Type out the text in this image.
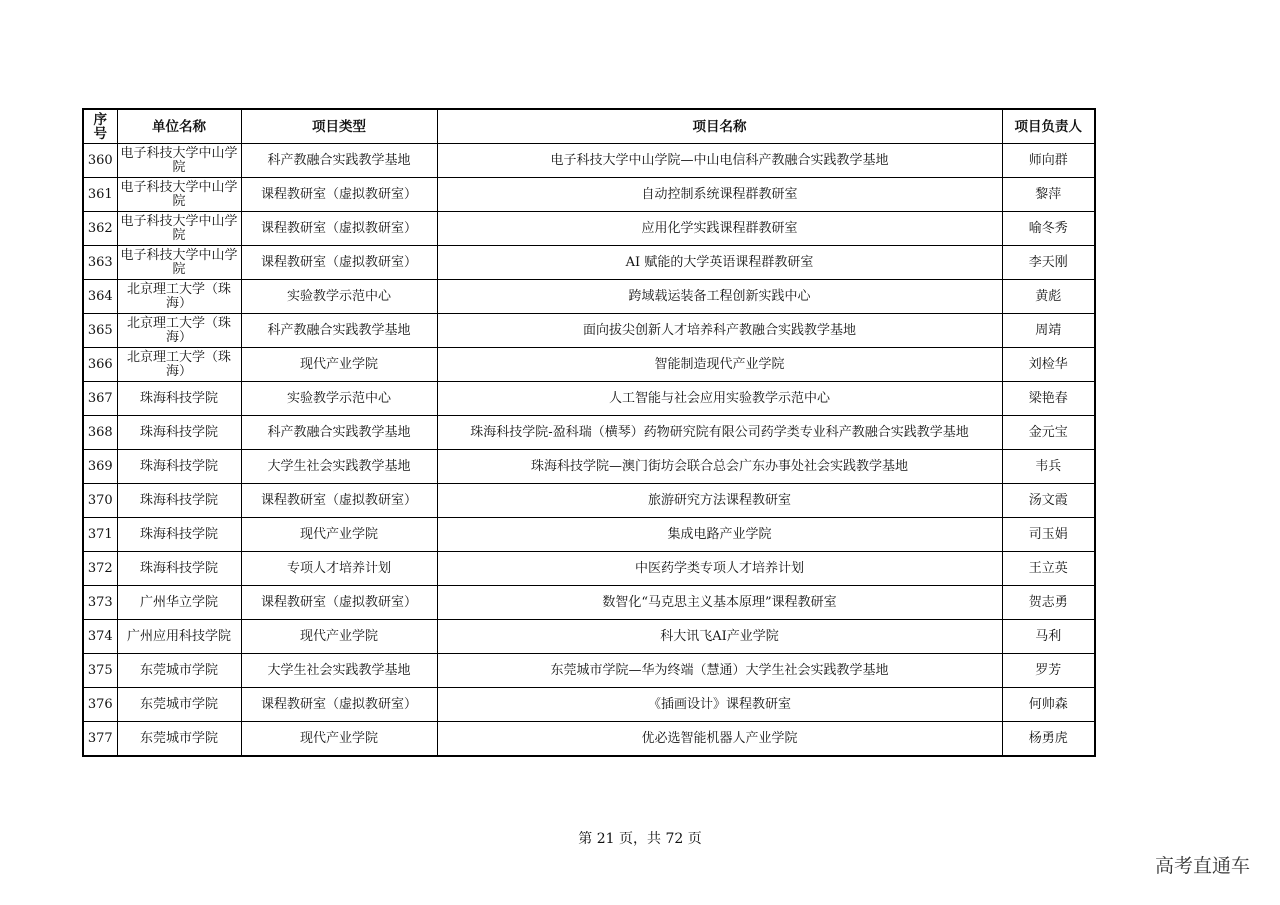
序号	单位名称	项目类型	项目名称	项目负责人
360	电子科技大学中山学院	科产教融合实践教学基地	电子科技大学中山学院—中山电信科产教融合实践教学基地	师向群
361	电子科技大学中山学院	课程教研室（虚拟教研室）	自动控制系统课程群教研室	黎萍
362	电子科技大学中山学院	课程教研室（虚拟教研室）	应用化学实践课程群教研室	喻冬秀
363	电子科技大学中山学院	课程教研室（虚拟教研室）	AI 赋能的大学英语课程群教研室	李天刚
364	北京理工大学（珠海）	实验教学示范中心	跨域载运装备工程创新实践中心	黄彪
365	北京理工大学（珠海）	科产教融合实践教学基地	面向拔尖创新人才培养科产教融合实践教学基地	周靖
366	北京理工大学（珠海）	现代产业学院	智能制造现代产业学院	刘检华
367	珠海科技学院	实验教学示范中心	人工智能与社会应用实验教学示范中心	梁艳春
368	珠海科技学院	科产教融合实践教学基地	珠海科技学院-盈科瑞（横琴）药物研究院有限公司药学类专业科产教融合实践教学基地	金元宝
369	珠海科技学院	大学生社会实践教学基地	珠海科技学院—澳门街坊会联合总会广东办事处社会实践教学基地	韦兵
370	珠海科技学院	课程教研室（虚拟教研室）	旅游研究方法课程教研室	汤文霞
371	珠海科技学院	现代产业学院	集成电路产业学院	司玉娟
372	珠海科技学院	专项人才培养计划	中医药学类专项人才培养计划	王立英
373	广州华立学院	课程教研室（虚拟教研室）	数智化“马克思主义基本原理”课程教研室	贺志勇
374	广州应用科技学院	现代产业学院	科大讯飞AI产业学院	马利
375	东莞城市学院	大学生社会实践教学基地	东莞城市学院—华为终端（慧通）大学生社会实践教学基地	罗芳
376	东莞城市学院	课程教研室（虚拟教研室）	《插画设计》课程教研室	何帅森
377	东莞城市学院	现代产业学院	优必选智能机器人产业学院	杨勇虎
第 21 页，共 72 页
高考直通车
